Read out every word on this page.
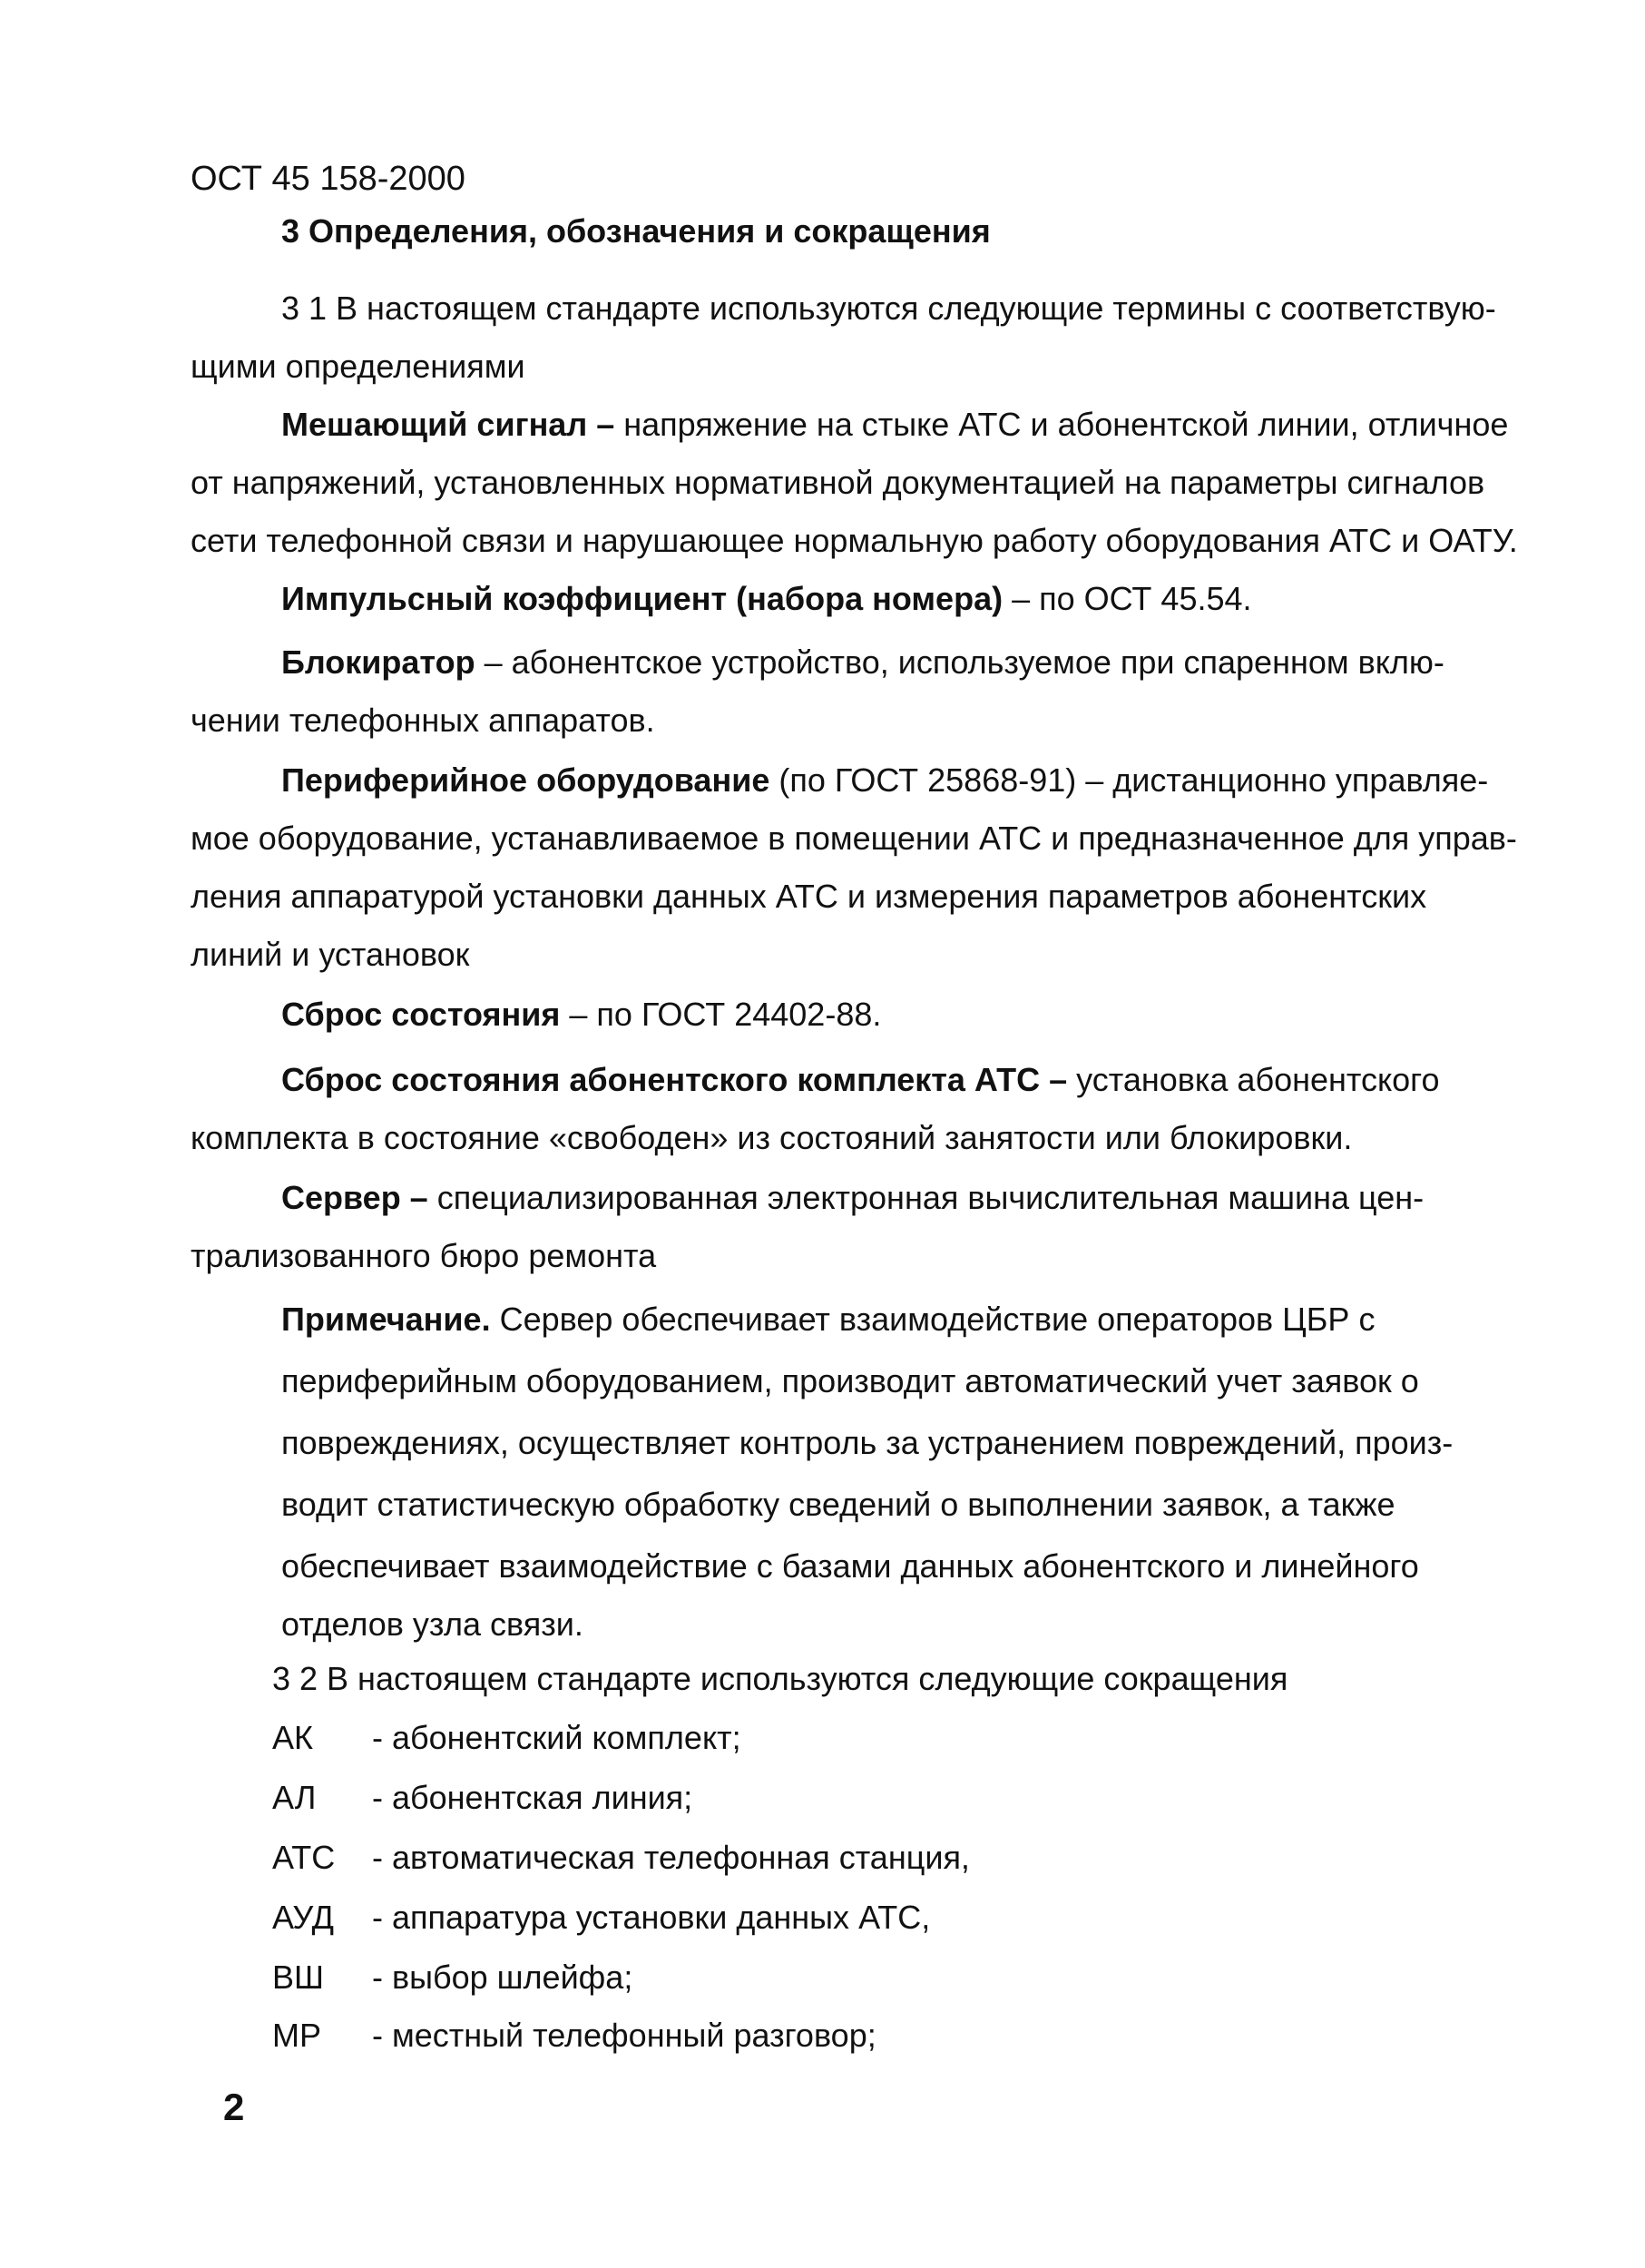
ОСТ 45 158-2000
3 Определения, обозначения и сокращения
3 1 В настоящем стандарте используются следующие термины с соответствую-
щими определениями
Мешающий сигнал – напряжение на стыке АТС и абонентской линии, отличное
от напряжений, установленных нормативной документацией на параметры сигналов
сети телефонной связи и нарушающее нормальную работу оборудования АТС и ОАТУ.
Импульсный коэффициент (набора номера) – по ОСТ 45.54.
Блокиратор – абонентское устройство, используемое при спаренном вклю-
чении телефонных аппаратов.
Периферийное оборудование (по ГОСТ 25868-91) – дистанционно управляе-
мое оборудование, устанавливаемое в помещении АТС и предназначенное для управ-
ления аппаратурой установки данных АТС и измерения параметров абонентских
линий и установок
Сброс состояния – по ГОСТ 24402-88.
Сброс состояния абонентского комплекта АТС – установка абонентского
комплекта в состояние «свободен» из состояний занятости или блокировки.
Сервер – специализированная электронная вычислительная машина цен-
трализованного бюро ремонта
Примечание. Сервер обеспечивает взаимодействие операторов ЦБР с
периферийным оборудованием, производит автоматический учет заявок о
повреждениях, осуществляет контроль за устранением повреждений, произ-
водит статистическую обработку сведений о выполнении заявок, а также
обеспечивает взаимодействие с базами данных абонентского и линейного
отделов узла связи.
3 2 В настоящем стандарте используются следующие сокращения
АК - абонентский комплект;
АЛ - абонентская линия;
АТС - автоматическая телефонная станция,
АУД - аппаратура установки данных АТС,
ВШ - выбор шлейфа;
МР - местный телефонный разговор;
2
